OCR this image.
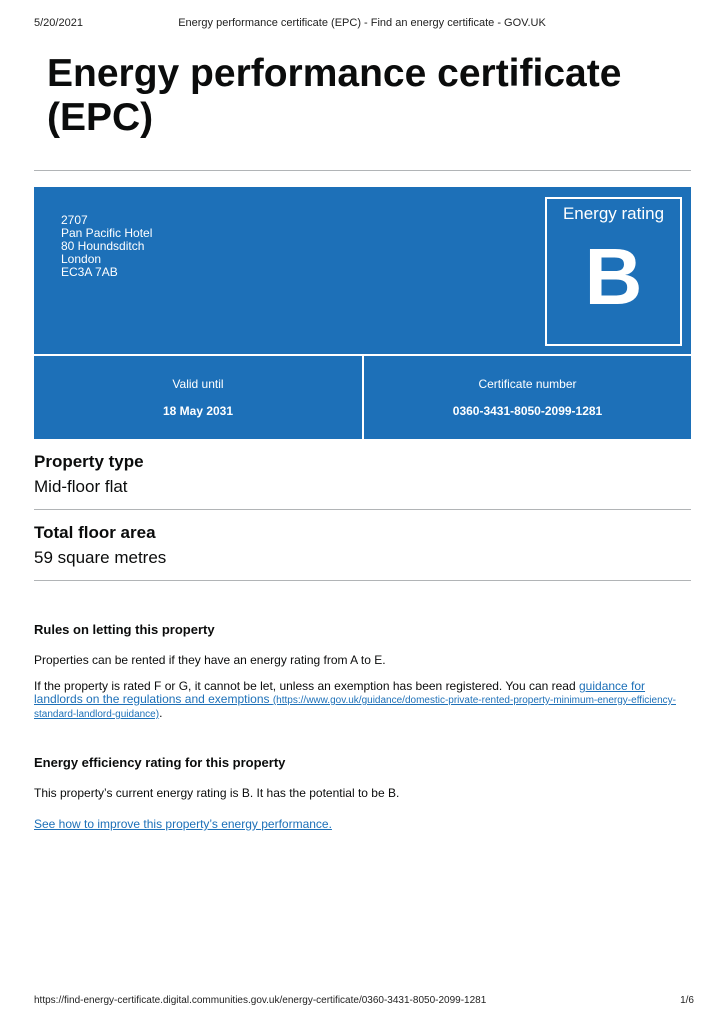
5/20/2021	Energy performance certificate (EPC) - Find an energy certificate - GOV.UK
Energy performance certificate (EPC)
2707
Pan Pacific Hotel
80 Houndsditch
London
EC3A 7AB
Energy rating
B
Valid until
18 May 2031
Certificate number
0360-3431-8050-2099-1281
Property type
Mid-floor flat
Total floor area
59 square metres
Rules on letting this property

Properties can be rented if they have an energy rating from A to E.

If the property is rated F or G, it cannot be let, unless an exemption has been registered. You can read guidance for landlords on the regulations and exemptions (https://www.gov.uk/guidance/domestic-private-rented-property-minimum-energy-efficiency-standard-landlord-guidance).

Energy efficiency rating for this property

This property’s current energy rating is B. It has the potential to be B.

See how to improve this property’s energy performance.

https://find-energy-certificate.digital.communities.gov.uk/energy-certificate/0360-3431-8050-2099-1281	1/6
